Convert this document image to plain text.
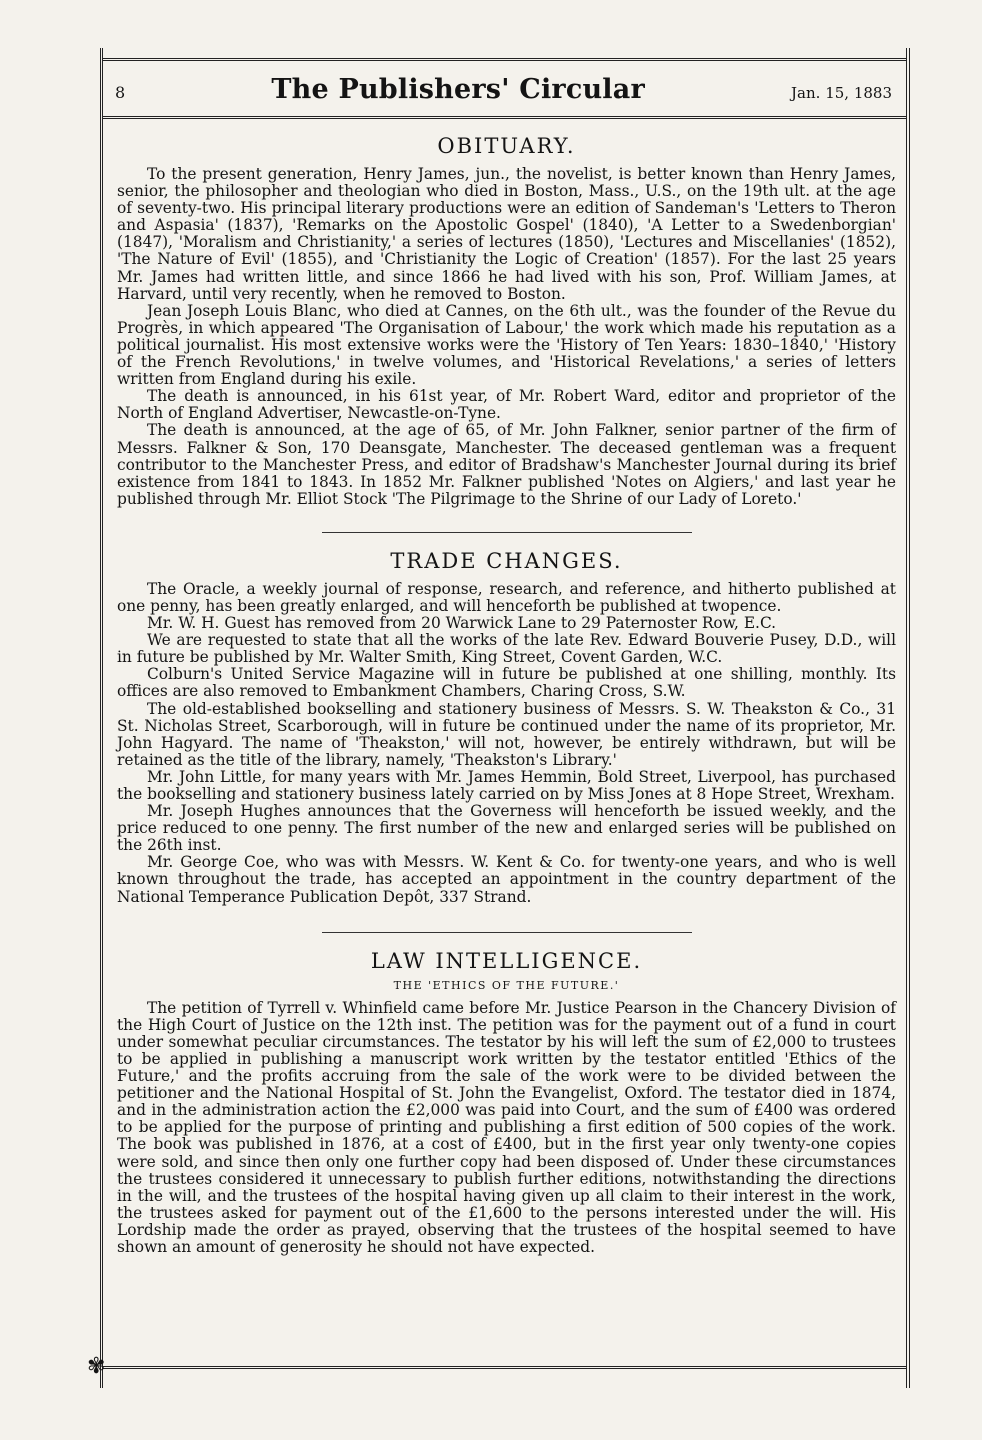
8	The Publishers' Circular	Jan. 15, 1883
OBITUARY.

To the present generation, Henry James, jun., the novelist, is better known than Henry James, senior, the philosopher and theologian who died in Boston, Mass., U.S., on the 19th ult. at the age of seventy-two. His principal literary productions were an edition of Sandeman's 'Letters to Theron and Aspasia' (1837), 'Remarks on the Apostolic Gospel' (1840), 'A Letter to a Swedenborgian' (1847), 'Moralism and Christianity,' a series of lectures (1850), 'Lectures and Miscellanies' (1852), 'The Nature of Evil' (1855), and 'Christianity the Logic of Creation' (1857). For the last 25 years Mr. James had written little, and since 1866 he had lived with his son, Prof. William James, at Harvard, until very recently, when he removed to Boston.

Jean Joseph Louis Blanc, who died at Cannes, on the 6th ult., was the founder of the Revue du Progrès, in which appeared 'The Organisation of Labour,' the work which made his reputation as a political journalist. His most extensive works were the 'History of Ten Years: 1830–1840,' 'History of the French Revolutions,' in twelve volumes, and 'Historical Revelations,' a series of letters written from England during his exile.

The death is announced, in his 61st year, of Mr. Robert Ward, editor and proprietor of the North of England Advertiser, Newcastle-on-Tyne.

The death is announced, at the age of 65, of Mr. John Falkner, senior partner of the firm of Messrs. Falkner & Son, 170 Deansgate, Manchester. The deceased gentleman was a frequent contributor to the Manchester Press, and editor of Bradshaw's Manchester Journal during its brief existence from 1841 to 1843. In 1852 Mr. Falkner published 'Notes on Algiers,' and last year he published through Mr. Elliot Stock 'The Pilgrimage to the Shrine of our Lady of Loreto.'

TRADE CHANGES.

The Oracle, a weekly journal of response, research, and reference, and hitherto published at one penny, has been greatly enlarged, and will henceforth be published at twopence.

Mr. W. H. Guest has removed from 20 Warwick Lane to 29 Paternoster Row, E.C.

We are requested to state that all the works of the late Rev. Edward Bouverie Pusey, D.D., will in future be published by Mr. Walter Smith, King Street, Covent Garden, W.C.

Colburn's United Service Magazine will in future be published at one shilling, monthly. Its offices are also removed to Embankment Chambers, Charing Cross, S.W.

The old-established bookselling and stationery business of Messrs. S. W. Theakston & Co., 31 St. Nicholas Street, Scarborough, will in future be continued under the name of its proprietor, Mr. John Hagyard. The name of 'Theakston,' will not, however, be entirely withdrawn, but will be retained as the title of the library, namely, 'Theakston's Library.'

Mr. John Little, for many years with Mr. James Hemmin, Bold Street, Liverpool, has purchased the bookselling and stationery business lately carried on by Miss Jones at 8 Hope Street, Wrexham.

Mr. Joseph Hughes announces that the Governess will henceforth be issued weekly, and the price reduced to one penny. The first number of the new and enlarged series will be published on the 26th inst.

Mr. George Coe, who was with Messrs. W. Kent & Co. for twenty-one years, and who is well known throughout the trade, has accepted an appointment in the country department of the National Temperance Publication Depôt, 337 Strand.

LAW INTELLIGENCE.
THE 'ETHICS OF THE FUTURE.'

The petition of Tyrrell v. Whinfield came before Mr. Justice Pearson in the Chancery Division of the High Court of Justice on the 12th inst. The petition was for the payment out of a fund in court under somewhat peculiar circumstances. The testator by his will left the sum of £2,000 to trustees to be applied in publishing a manuscript work written by the testator entitled 'Ethics of the Future,' and the profits accruing from the sale of the work were to be divided between the petitioner and the National Hospital of St. John the Evangelist, Oxford. The testator died in 1874, and in the administration action the £2,000 was paid into Court, and the sum of £400 was ordered to be applied for the purpose of printing and publishing a first edition of 500 copies of the work. The book was published in 1876, at a cost of £400, but in the first year only twenty-one copies were sold, and since then only one further copy had been disposed of. Under these circumstances the trustees considered it unnecessary to publish further editions, notwithstanding the directions in the will, and the trustees of the hospital having given up all claim to their interest in the work, the trustees asked for payment out of the £1,600 to the persons interested under the will. His Lordship made the order as prayed, observing that the trustees of the hospital seemed to have shown an amount of generosity he should not have expected.

✾
